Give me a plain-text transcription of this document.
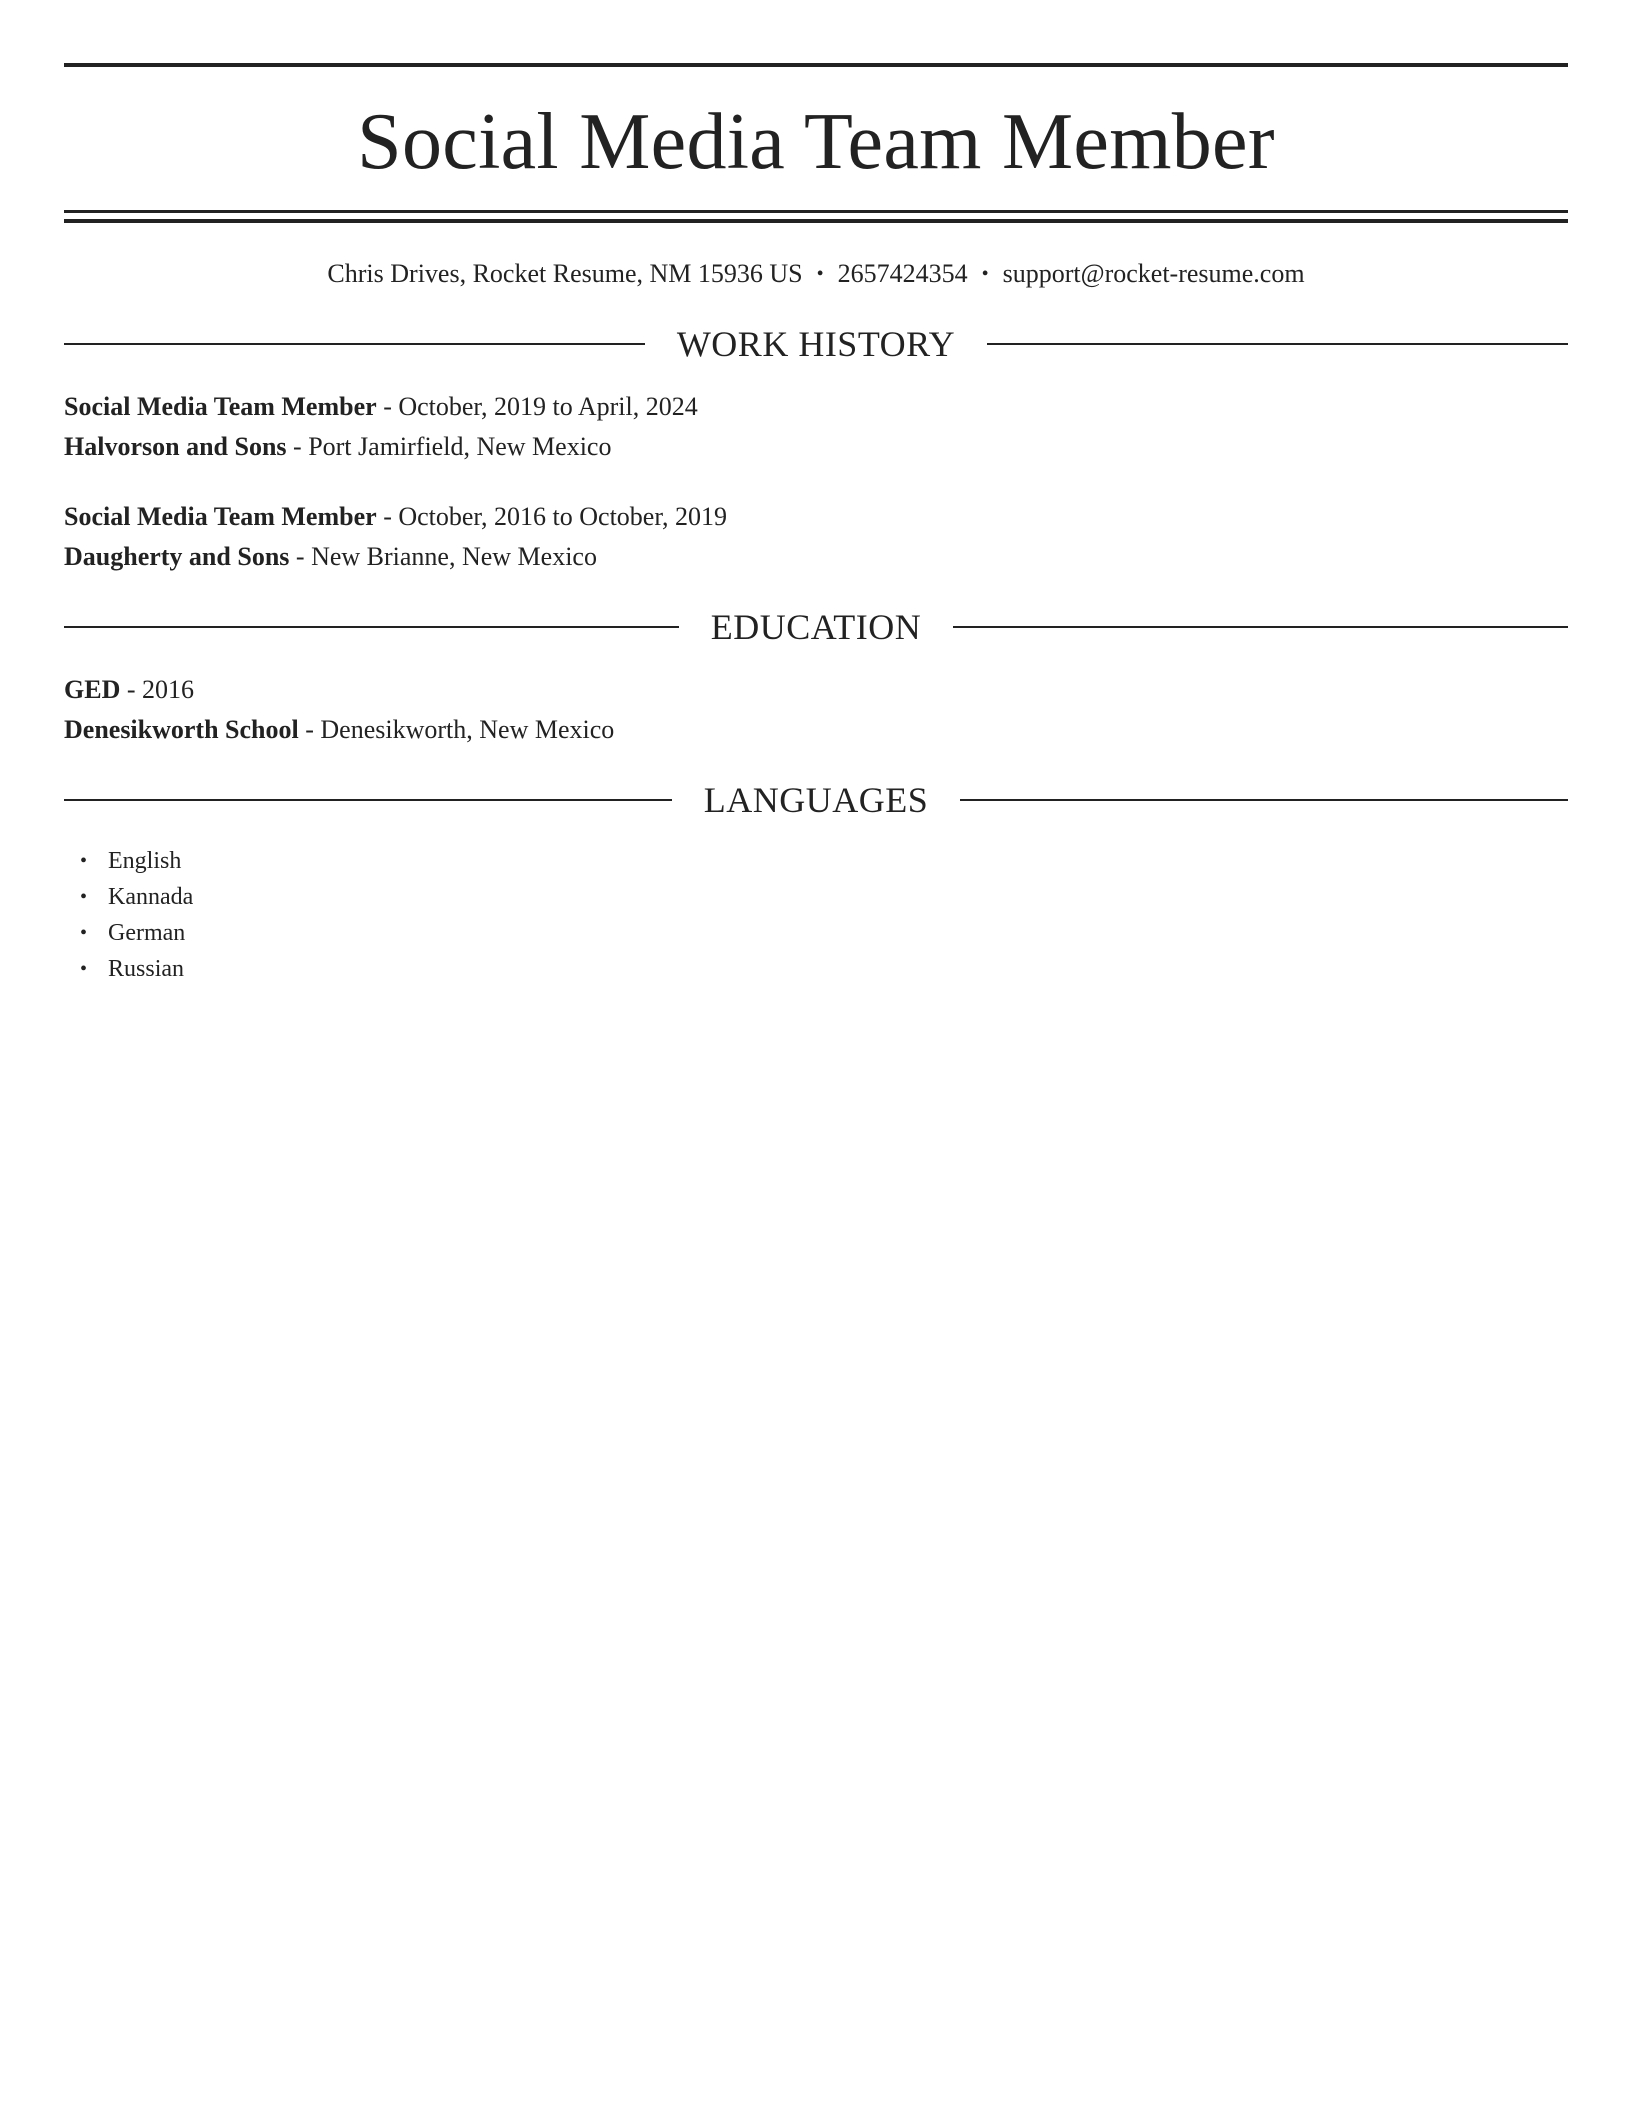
Social Media Team Member
Chris Drives, Rocket Resume, NM 15936 US • 2657424354 • support@rocket-resume.com
WORK HISTORY
Social Media Team Member - October, 2019 to April, 2024
Halvorson and Sons - Port Jamirfield, New Mexico
Social Media Team Member - October, 2016 to October, 2019
Daugherty and Sons - New Brianne, New Mexico
EDUCATION
GED - 2016
Denesikworth School - Denesikworth, New Mexico
LANGUAGES
• English
• Kannada
• German
• Russian
